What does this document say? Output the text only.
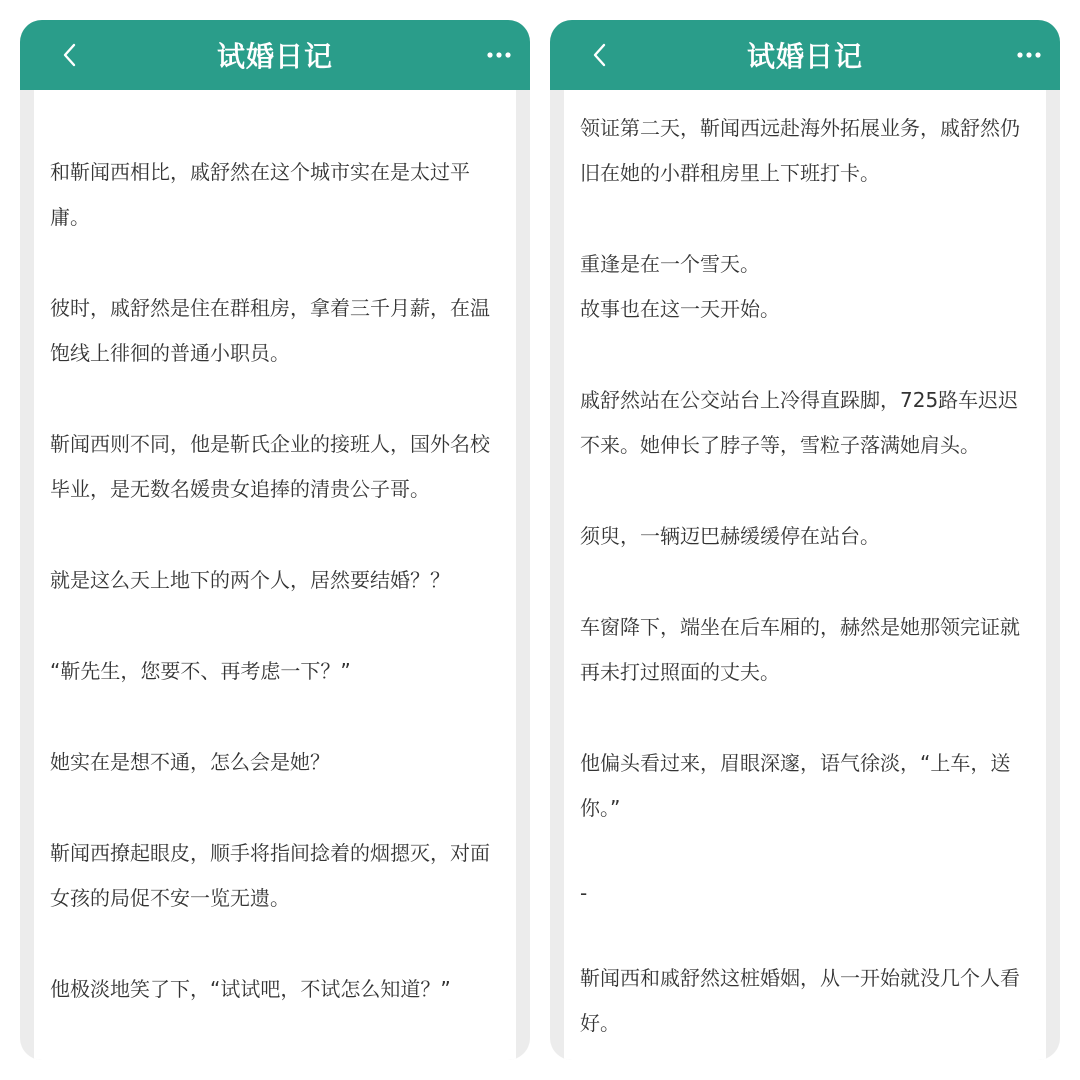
试婚日记

和靳闻西相比，戚舒然在这个城市实在是太过平庸。

彼时，戚舒然是住在群租房，拿着三千月薪，在温饱线上徘徊的普通小职员。

靳闻西则不同，他是靳氏企业的接班人，国外名校毕业，是无数名媛贵女追捧的清贵公子哥。

就是这么天上地下的两个人，居然要结婚？？

“靳先生，您要不、再考虑一下？”

她实在是想不通，怎么会是她？

靳闻西撩起眼皮，顺手将指间捻着的烟摁灭，对面女孩的局促不安一览无遗。

他极淡地笑了下，“试试吧，不试怎么知道？”

试婚日记

领证第二天，靳闻西远赴海外拓展业务，戚舒然仍旧在她的小群租房里上下班打卡。

重逢是在一个雪天。

故事也在这一天开始。

戚舒然站在公交站台上冷得直跺脚，725路车迟迟不来。她伸长了脖子等，雪粒子落满她肩头。

须臾，一辆迈巴赫缓缓停在站台。

车窗降下，端坐在后车厢的，赫然是她那领完证就再未打过照面的丈夫。

他偏头看过来，眉眼深邃，语气徐淡，“上车，送你。”

-

靳闻西和戚舒然这桩婚姻，从一开始就没几个人看好。
